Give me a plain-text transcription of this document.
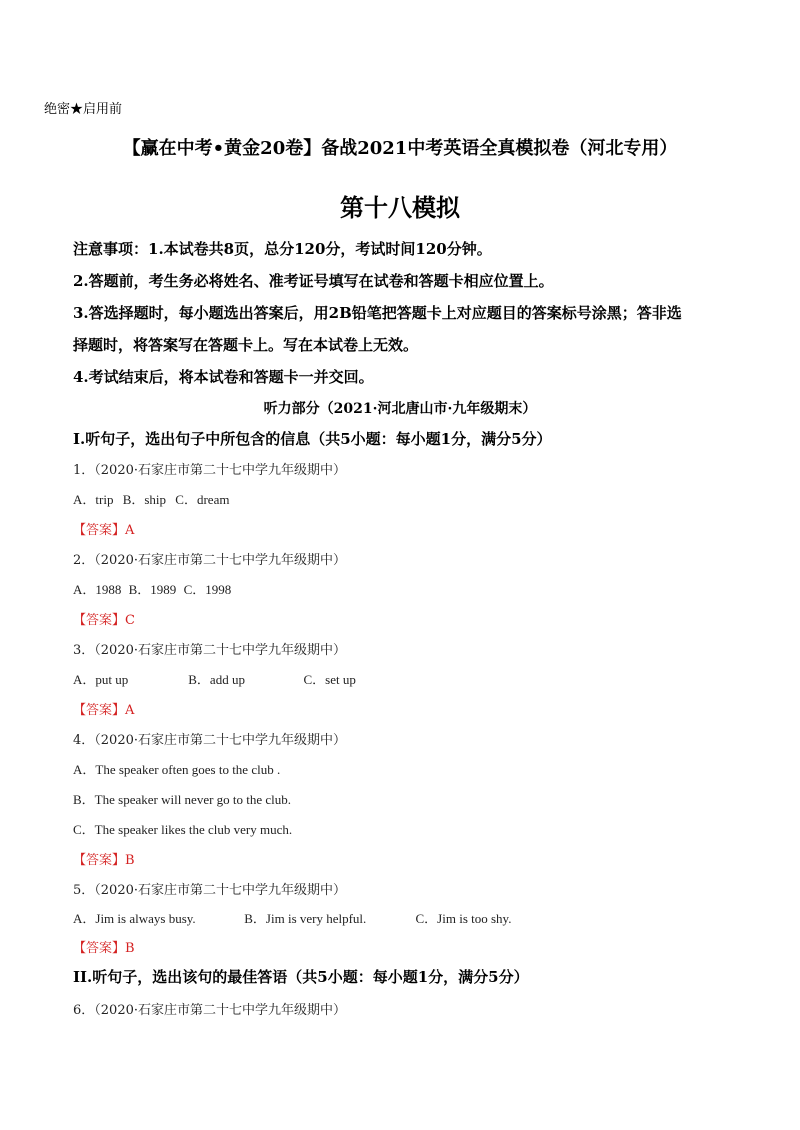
绝密★启用前
【赢在中考•黄金20卷】备战2021中考英语全真模拟卷（河北专用）
第十八模拟
注意事项：1.本试卷共8页，总分120分，考试时间120分钟。
2.答题前，考生务必将姓名、准考证号填写在试卷和答题卡相应位置上。
3.答选择题时，每小题选出答案后，用2B铅笔把答题卡上对应题目的答案标号涂黑；答非选
择题时，将答案写在答题卡上。写在本试卷上无效。
4.考试结束后，将本试卷和答题卡一并交回。
听力部分（2021·河北唐山市·九年级期末）
I.听句子，选出句子中所包含的信息（共5小题：每小题1分，满分5分）
1．（2020·石家庄市第二十七中学九年级期中）
A．trip B．ship C．dream
【答案】A
2．（2020·石家庄市第二十七中学九年级期中）
A．1988 B．1989 C．1998
【答案】C
3．（2020·石家庄市第二十七中学九年级期中）
A．put up	B．add up	C．set up
【答案】A
4．（2020·石家庄市第二十七中学九年级期中）
A．The speaker often goes to the club .
B．The speaker will never go to the club.
C．The speaker likes the club very much.
【答案】B
5．（2020·石家庄市第二十七中学九年级期中）
A．Jim is always busy.	B．Jim is very helpful.	C．Jim is too shy.
【答案】B
II.听句子，选出该句的最佳答语（共5小题：每小题1分，满分5分）
6．（2020·石家庄市第二十七中学九年级期中）
